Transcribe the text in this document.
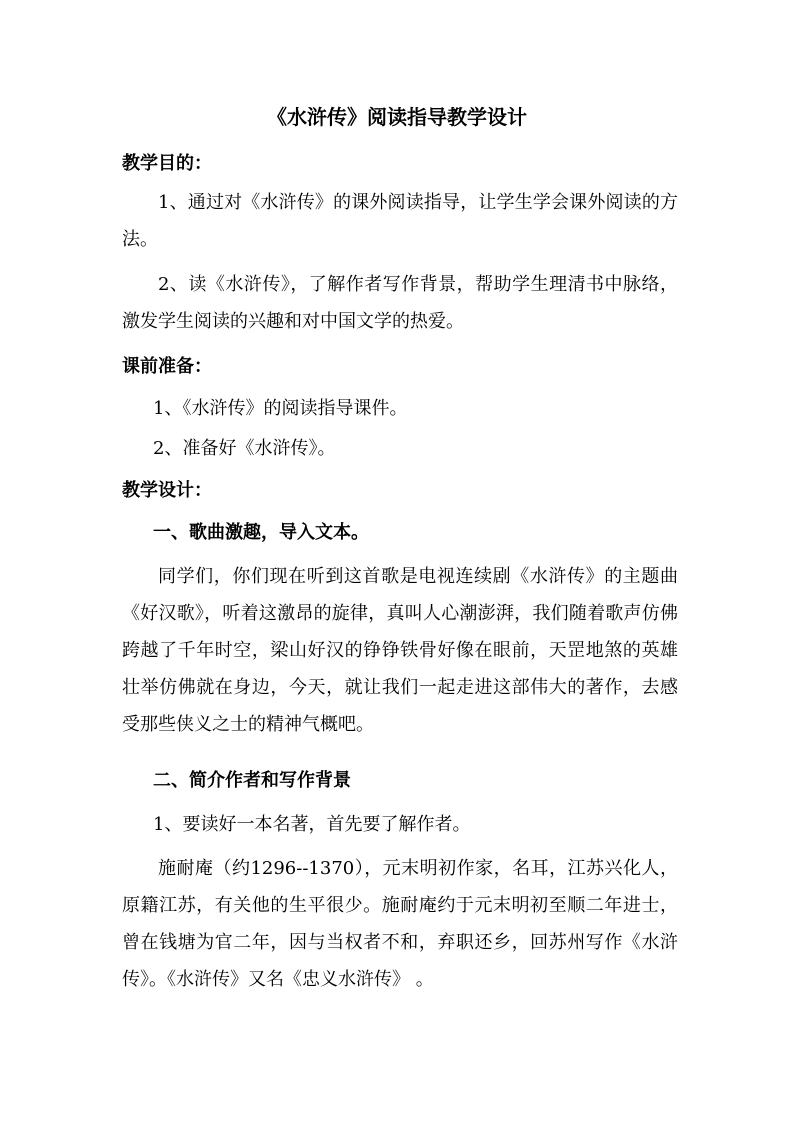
《水浒传》阅读指导教学设计
教学目的：

1、通过对《水浒传》的课外阅读指导，让学生学会课外阅读的方法。

2、读《水浒传》，了解作者写作背景，帮助学生理清书中脉络，激发学生阅读的兴趣和对中国文学的热爱。

课前准备：
1、《水浒传》的阅读指导课件。
2、准备好《水浒传》。
教学设计：
一、歌曲激趣，导入文本。

同学们，你们现在听到这首歌是电视连续剧《水浒传》的主题曲《好汉歌》，听着这激昂的旋律，真叫人心潮澎湃，我们随着歌声仿佛跨越了千年时空，梁山好汉的铮铮铁骨好像在眼前，天罡地煞的英雄壮举仿佛就在身边，今天，就让我们一起走进这部伟大的著作，去感受那些侠义之士的精神气概吧。

二、简介作者和写作背景
1、要读好一本名著，首先要了解作者。

施耐庵（约1296--1370），元末明初作家，名耳，江苏兴化人，原籍江苏，有关他的生平很少。施耐庵约于元末明初至顺二年进士，曾在钱塘为官二年，因与当权者不和，弃职还乡，回苏州写作《水浒传》。《水浒传》又名《忠义水浒传》 。
